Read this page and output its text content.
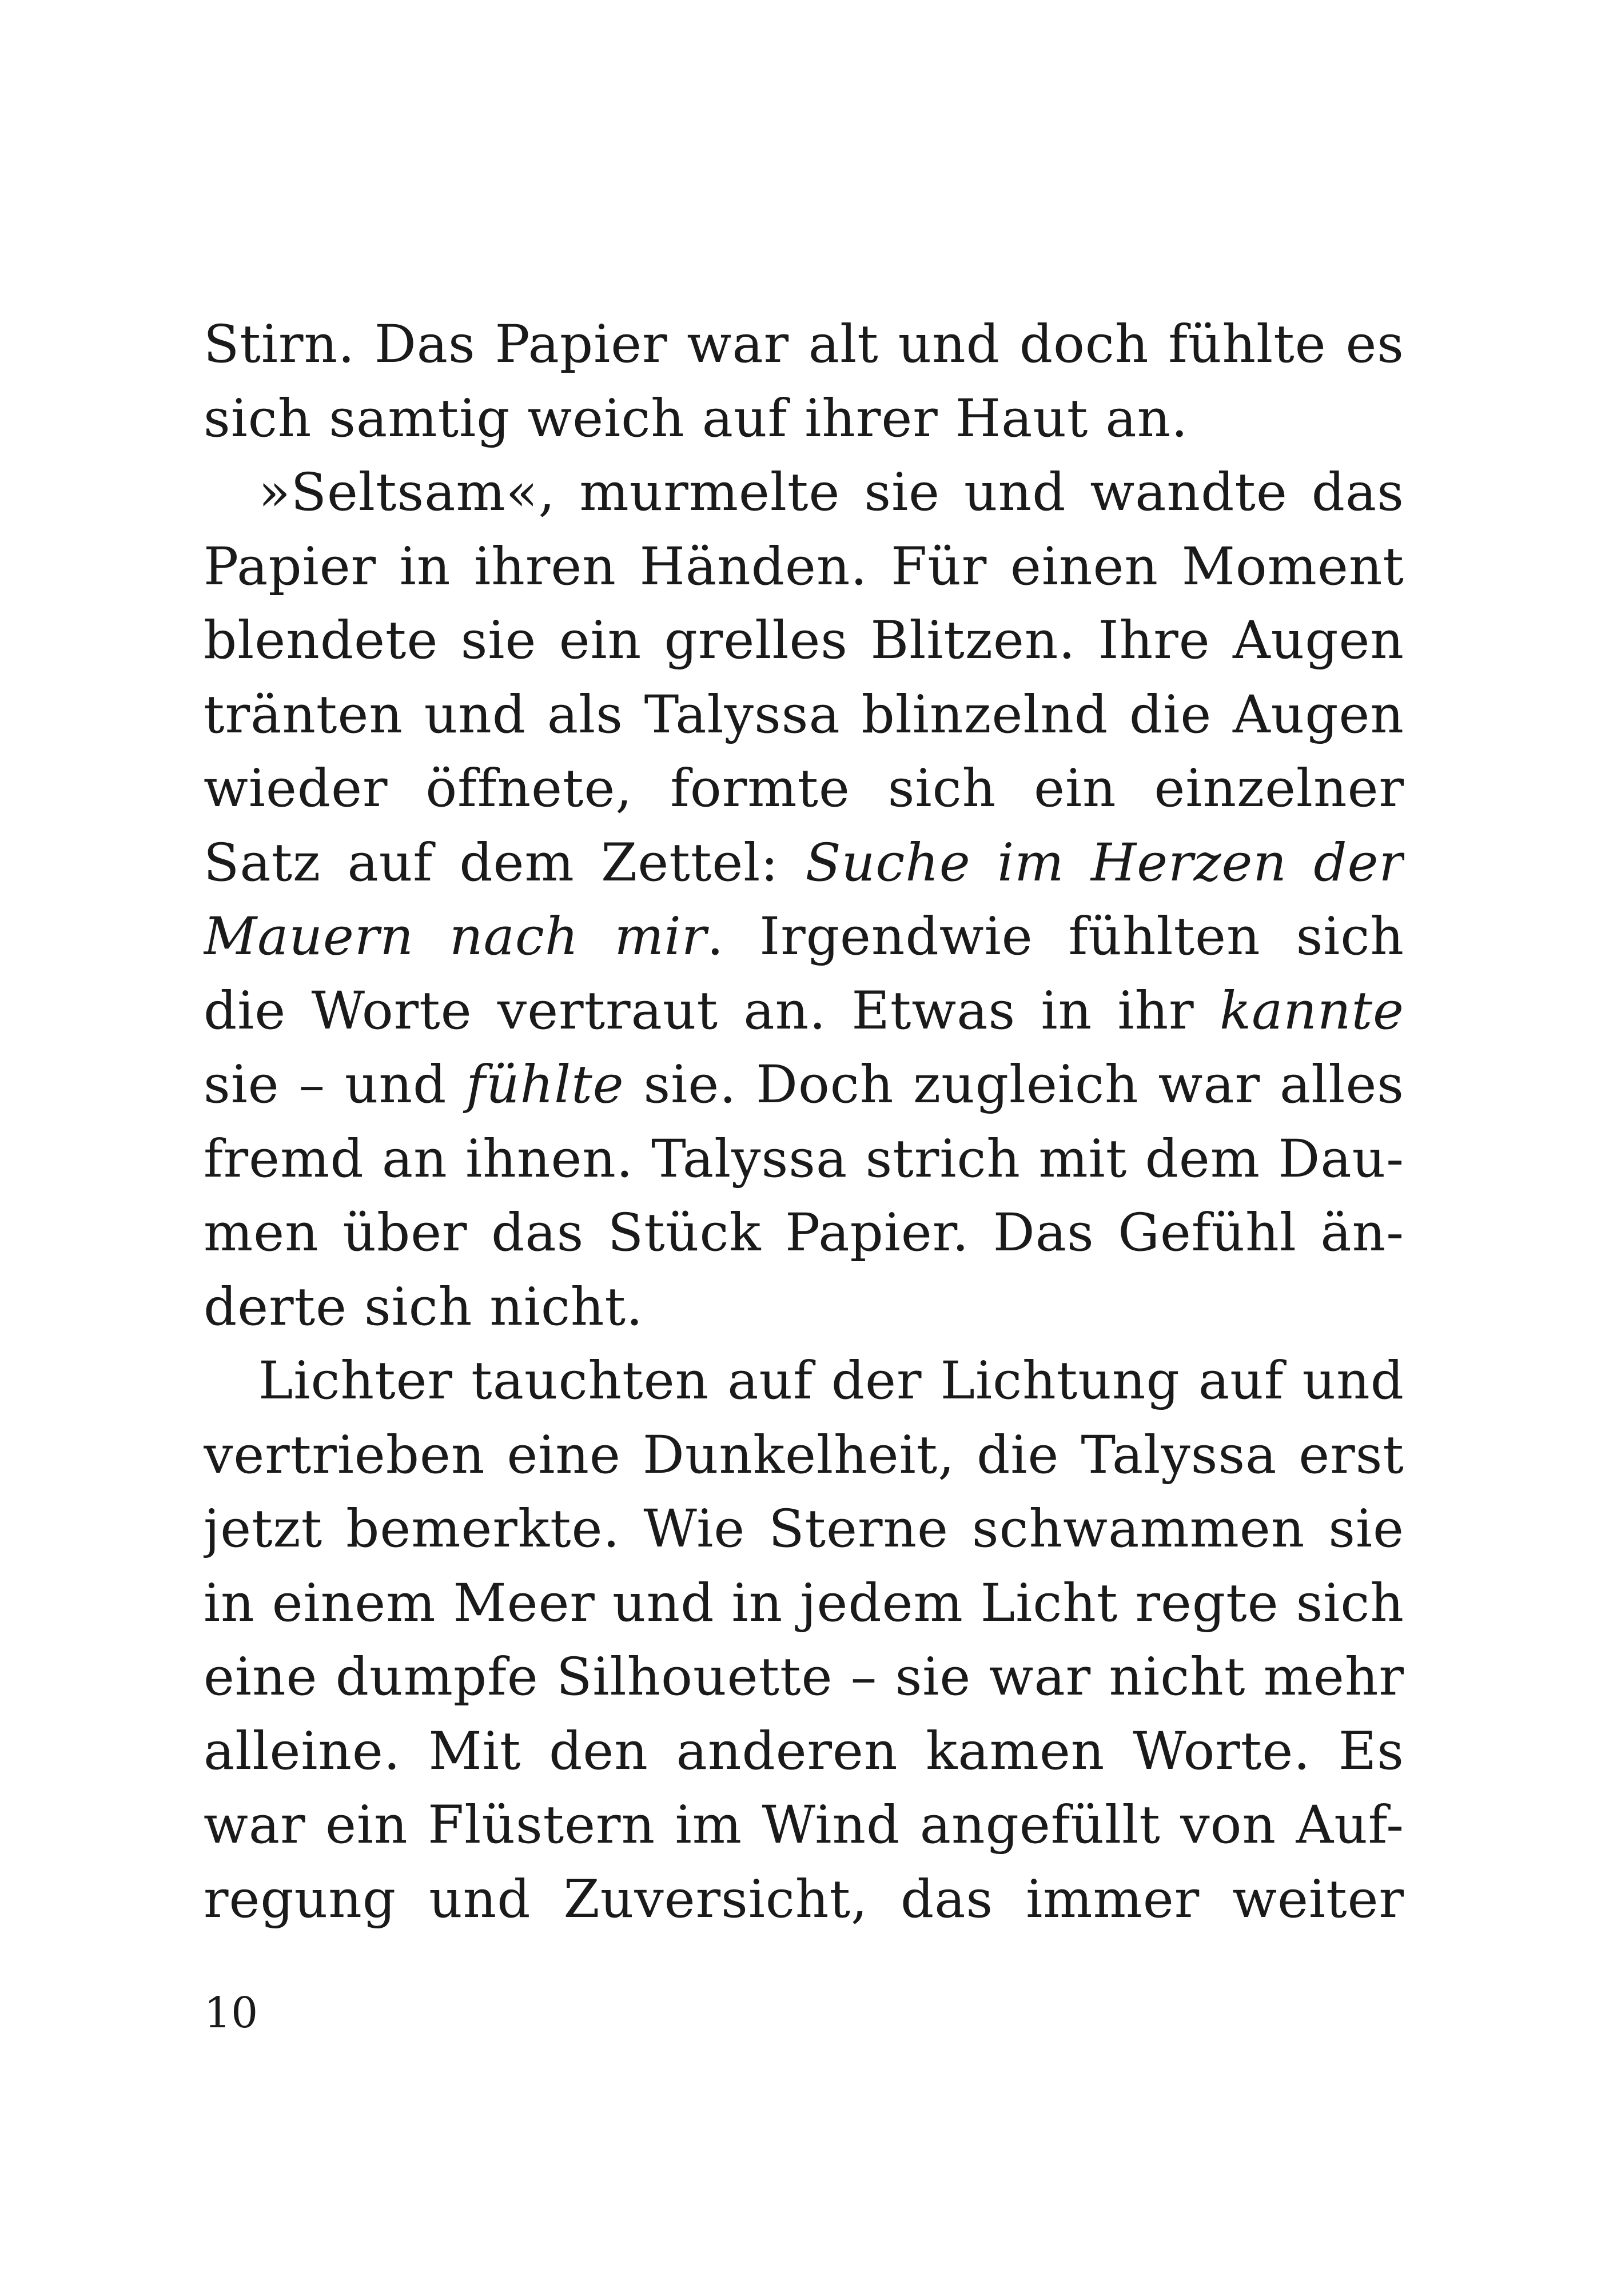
Stirn. Das Papier war alt und doch fühlte es
sich samtig weich auf ihrer Haut an.
»Seltsam«, murmelte sie und wandte das
Papier in ihren Händen. Für einen Moment
blendete sie ein grelles Blitzen. Ihre Augen
tränten und als Talyssa blinzelnd die Augen
wieder öffnete, formte sich ein einzelner
Satz auf dem Zettel: Suche im Herzen der
Mauern nach mir. Irgendwie fühlten sich
die Worte vertraut an. Etwas in ihr kannte
sie – und fühlte sie. Doch zugleich war alles
fremd an ihnen. Talyssa strich mit dem Dau-
men über das Stück Papier. Das Gefühl än-
derte sich nicht.
Lichter tauchten auf der Lichtung auf und
vertrieben eine Dunkelheit, die Talyssa erst
jetzt bemerkte. Wie Sterne schwammen sie
in einem Meer und in jedem Licht regte sich
eine dumpfe Silhouette – sie war nicht mehr
alleine. Mit den anderen kamen Worte. Es
war ein Flüstern im Wind angefüllt von Auf-
regung und Zuversicht, das immer weiter
10
